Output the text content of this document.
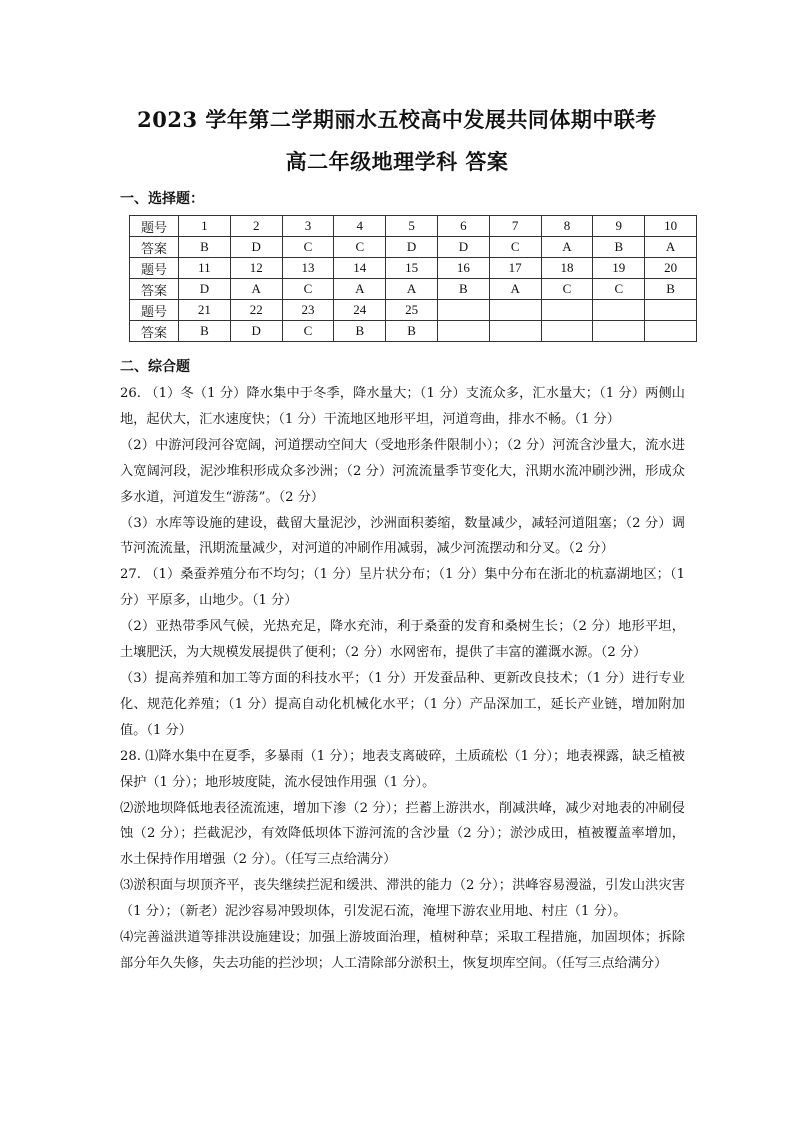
2023 学年第二学期丽水五校高中发展共同体期中联考
高二年级地理学科 答案
一、选择题：
题号	1	2	3	4	5	6	7	8	9	10
答案	B	D	C	C	D	D	C	A	B	A
题号	11	12	13	14	15	16	17	18	19	20
答案	D	A	C	A	A	B	A	C	C	B
题号	21	22	23	24	25					
答案	B	D	C	B	B					
二、综合题

26. （1）冬（1 分）降水集中于冬季，降水量大；（1 分）支流众多，汇水量大；（1 分）两侧山地，起伏大，汇水速度快；（1 分）干流地区地形平坦，河道弯曲，排水不畅。（1 分）

（2）中游河段河谷宽阔，河道摆动空间大（受地形条件限制小）；（2 分）河流含沙量大，流水进入宽阔河段，泥沙堆积形成众多沙洲；（2 分）河流流量季节变化大，汛期水流冲刷沙洲，形成众多水道，河道发生“游荡”。（2 分）

（3）水库等设施的建设，截留大量泥沙，沙洲面积萎缩，数量减少，减轻河道阻塞；（2 分）调节河流流量，汛期流量减少，对河道的冲刷作用减弱，减少河流摆动和分叉。（2 分）

27. （1）桑蚕养殖分布不均匀；（1 分）呈片状分布；（1 分）集中分布在浙北的杭嘉湖地区；（1 分）平原多，山地少。（1 分）

（2）亚热带季风气候，光热充足，降水充沛，利于桑蚕的发育和桑树生长；（2 分）地形平坦，土壤肥沃，为大规模发展提供了便利；（2 分）水网密布，提供了丰富的灌溉水源。（2 分）

（3）提高养殖和加工等方面的科技水平；（1 分）开发蚕品种、更新改良技术；（1 分）进行专业化、规范化养殖；（1 分）提高自动化机械化水平；（1 分）产品深加工，延长产业链，增加附加值。（1 分）

28. ⑴降水集中在夏季，多暴雨（1 分）；地表支离破碎，土质疏松（1 分）；地表裸露，缺乏植被保护（1 分）；地形坡度陡，流水侵蚀作用强（1 分）。

⑵淤地坝降低地表径流流速，增加下渗（2 分）；拦蓄上游洪水，削减洪峰，减少对地表的冲刷侵蚀（2 分）；拦截泥沙，有效降低坝体下游河流的含沙量（2 分）；淤沙成田，植被覆盖率增加，水土保持作用增强（2 分）。（任写三点给满分）

⑶淤积面与坝顶齐平，丧失继续拦泥和缓洪、滞洪的能力（2 分）；洪峰容易漫溢，引发山洪灾害（1 分）；（新老）泥沙容易冲毁坝体，引发泥石流，淹埋下游农业用地、村庄（1 分）。

⑷完善溢洪道等排洪设施建设；加强上游坡面治理，植树种草；采取工程措施，加固坝体；拆除部分年久失修，失去功能的拦沙坝；人工清除部分淤积土，恢复坝库空间。（任写三点给满分）
